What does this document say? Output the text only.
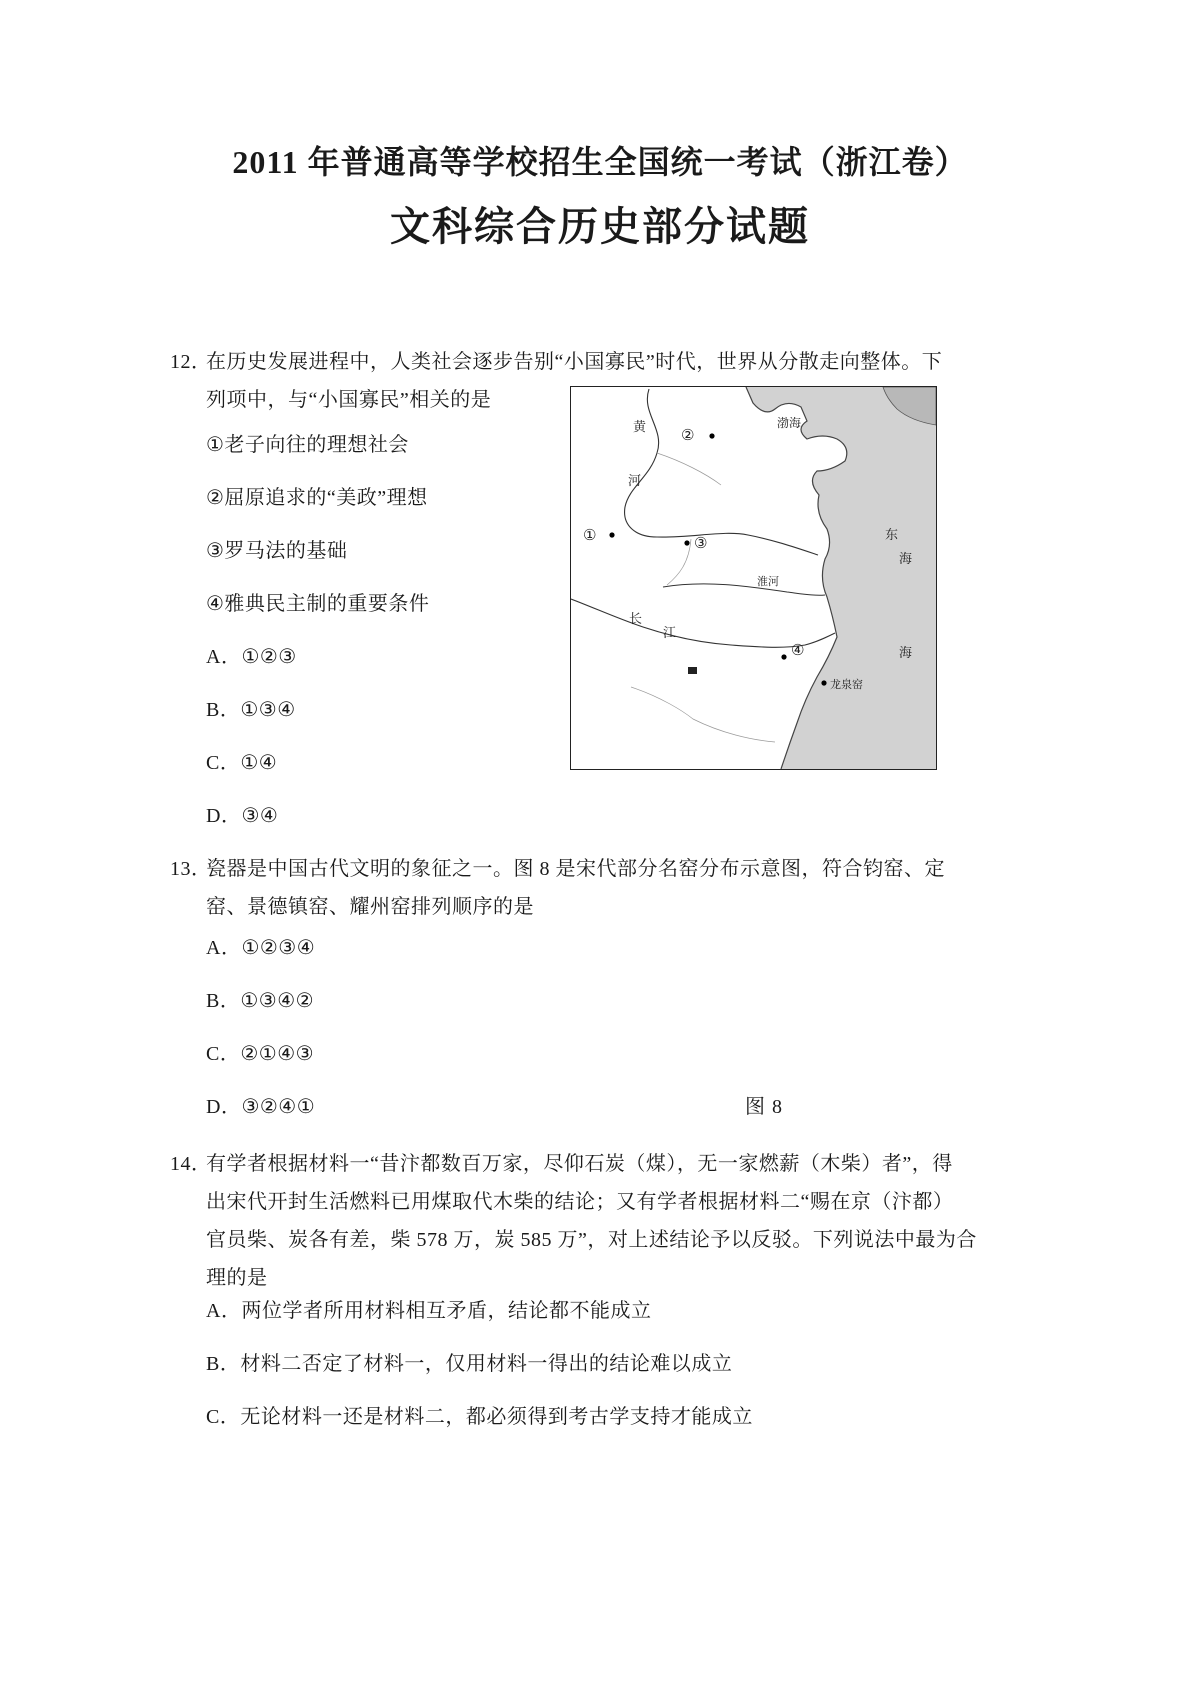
2011 年普通高等学校招生全国统一考试（浙江卷）
文科综合历史部分试题
12．

在历史发展进程中，人类社会逐步告别“小国寡民”时代，世界从分散走向整体。下

列项中，与“小国寡民”相关的是

①老子向往的理想社会

②屈原追求的“美政”理想

③罗马法的基础

④雅典民主制的重要条件

A．①②③

B．①③④

C．①④

D．③④

②
①	③
④
黄
河
渤海
东
海
淮河
长
江
海
龙泉窑
13．

瓷器是中国古代文明的象征之一。图 8 是宋代部分名窑分布示意图，符合钧窑、定

窑、景德镇窑、耀州窑排列顺序的是

A．①②③④

B．①③④②

C．②①④③

D．③②④①	图 8
14．

有学者根据材料一“昔汴都数百万家，尽仰石炭（煤），无一家燃薪（木柴）者”，得

出宋代开封生活燃料已用煤取代木柴的结论；又有学者根据材料二“赐在京（汴都）

官员柴、炭各有差，柴 578 万，炭 585 万”，对上述结论予以反驳。下列说法中最为合

理的是

A．两位学者所用材料相互矛盾，结论都不能成立

B．材料二否定了材料一，仅用材料一得出的结论难以成立

C．无论材料一还是材料二，都必须得到考古学支持才能成立
